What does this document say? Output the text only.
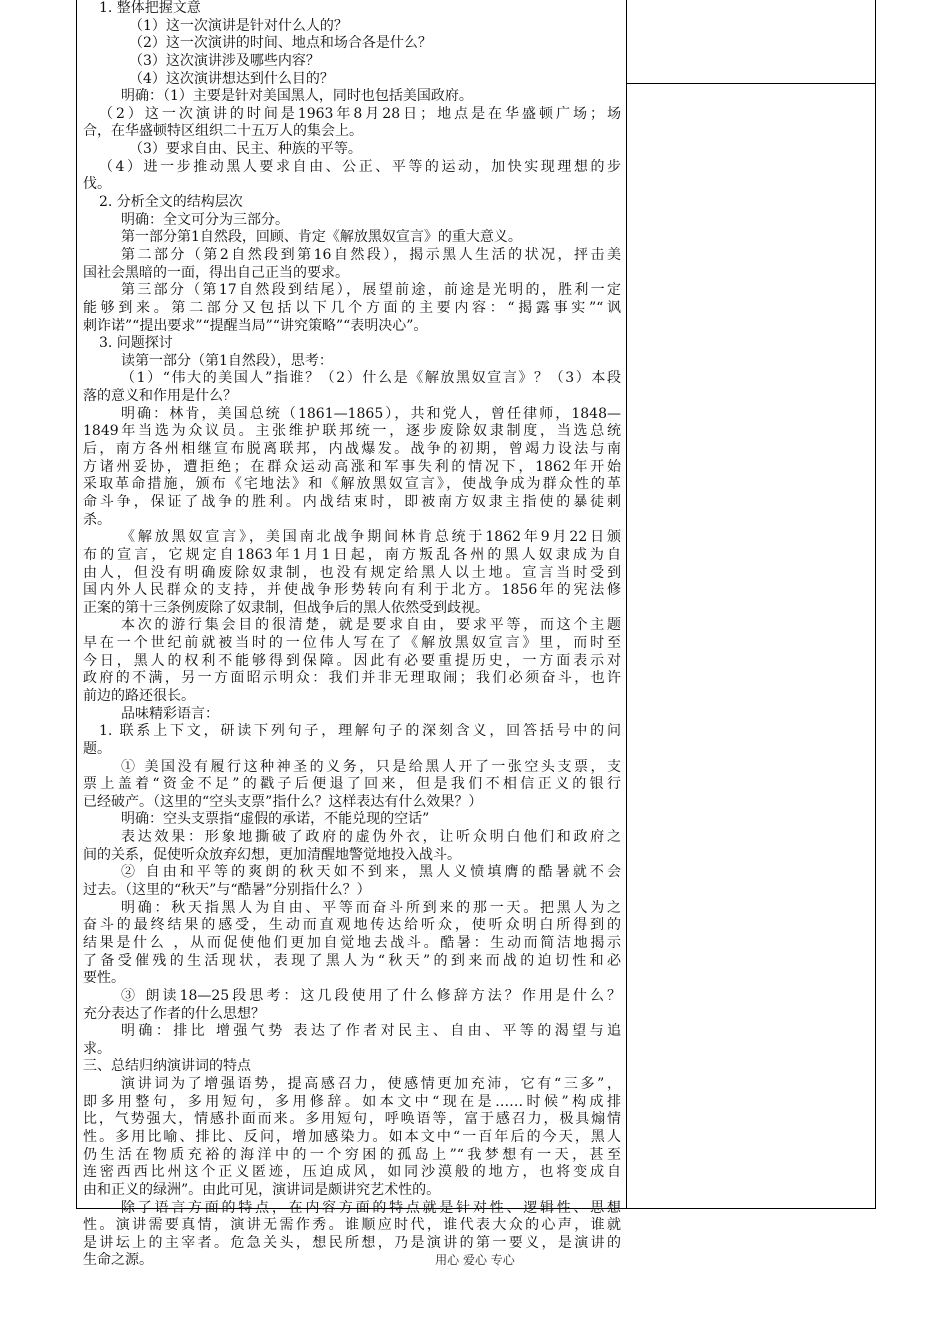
1. 整体把握文意
（1）这一次演讲是针对什么人的？
（2）这一次演讲的时间、地点和场合各是什么？
（3）这次演讲涉及哪些内容？
（4）这次演讲想达到什么目的？
明确：（1）主要是针对美国黑人，同时也包括美国政府。
（2）这一次演讲的时间是1963年8月28日；地点是在华盛顿广场；场
合，在华盛顿特区组织二十五万人的集会上。
（3）要求自由、民主、种族的平等。
（4）进一步推动黑人要求自由、公正、平等的运动，加快实现理想的步
伐。
2. 分析全文的结构层次
明确：全文可分为三部分。
第一部分第1自然段，回顾、肯定《解放黑奴宣言》的重大意义。
第二部分（第2自然段到第16自然段），揭示黑人生活的状况，抨击美
国社会黑暗的一面，得出自己正当的要求。
第三部分（第17自然段到结尾），展望前途，前途是光明的，胜利一定
能够到来。第二部分又包括以下几个方面的主要内容：“揭露事实”“讽
刺诈诺”“提出要求”“提醒当局”“讲究策略”“表明决心”。
3. 问题探讨
读第一部分（第1自然段），思考：
（1）“伟大的美国人”指谁？（2）什么是《解放黑奴宣言》？（3）本段
落的意义和作用是什么？
明确：林肯，美国总统（1861—1865），共和党人，曾任律师，1848—
1849年当选为众议员。主张维护联邦统一，逐步废除奴隶制度，当选总统
后，南方各州相继宣布脱离联邦，内战爆发。战争的初期，曾竭力设法与南
方诸州妥协，遭拒绝；在群众运动高涨和军事失利的情况下，1862年开始
采取革命措施，颁布《宅地法》和《解放黑奴宣言》，使战争成为群众性的革
命斗争，保证了战争的胜利。内战结束时，即被南方奴隶主指使的暴徒刺
杀。
《解放黑奴宣言》，美国南北战争期间林肯总统于1862年9月22日颁
布的宣言，它规定自1863年1月1日起，南方叛乱各州的黑人奴隶成为自
由人，但没有明确废除奴隶制，也没有规定给黑人以土地。宣言当时受到
国内外人民群众的支持，并使战争形势转向有利于北方。1856年的宪法修
正案的第十三条例废除了奴隶制，但战争后的黑人依然受到歧视。
本次的游行集会目的很清楚，就是要求自由，要求平等，而这个主题
早在一个世纪前就被当时的一位伟人写在了《解放黑奴宣言》里，而时至
今日，黑人的权利不能够得到保障。因此有必要重提历史，一方面表示对
政府的不满，另一方面昭示明众：我们并非无理取闹；我们必须奋斗，也许
前边的路还很长。
品味精彩语言：
1. 联系上下文，研读下列句子，理解句子的深刻含义，回答括号中的问
题。
① 美国没有履行这种神圣的义务，只是给黑人开了一张空头支票，支
票上盖着“资金不足”的戳子后便退了回来，但是我们不相信正义的银行
已经破产。（这里的“空头支票”指什么？这样表达有什么效果？）
明确：空头支票指“虚假的承诺，不能兑现的空话”
表达效果：形象地撕破了政府的虚伪外衣，让听众明白他们和政府之
间的关系，促使听众放弃幻想，更加清醒地警觉地投入战斗。
② 自由和平等的爽朗的秋天如不到来，黑人义愤填膺的酷暑就不会
过去。（这里的“秋天”与“酷暑”分别指什么？）
明确：秋天指黑人为自由、平等而奋斗所到来的那一天。把黑人为之
奋斗的最终结果的感受，生动而直观地传达给听众，使听众明白所得到的
结果是什么 ，从而促使他们更加自觉地去战斗。酷暑：生动而简洁地揭示
了备受催残的生活现状，表现了黑人为“秋天”的到来而战的迫切性和必
要性。
③ 朗读18—25段思考：这几段使用了什么修辞方法？作用是什么？
充分表达了作者的什么思想？
明确：排比 增强气势 表达了作者对民主、自由、平等的渴望与追
求。
三、总结归纳演讲词的特点
演讲词为了增强语势，提高感召力，使感情更加充沛，它有“三多”，
即多用整句，多用短句，多用修辞。如本文中“现在是……时候”构成排
比，气势强大，情感扑面而来。多用短句，呼唤语等，富于感召力，极具煽情
性。多用比喻、排比、反问，增加感染力。如本文中“一百年后的今天，黑人
仍生活在物质充裕的海洋中的一个穷困的孤岛上”“我梦想有一天，甚至
连密西西比州这个正义匿迹，压迫成风，如同沙漠般的地方，也将变成自
由和正义的绿洲”。由此可见，演讲词是颇讲究艺术性的。
除了语言方面的特点，在内容方面的特点就是针对性、逻辑性、思想
性。演讲需要真情，演讲无需作秀。谁顺应时代，谁代表大众的心声，谁就
是讲坛上的主宰者。危急关头，想民所想，乃是演讲的第一要义，是演讲的
生命之源。	用心 爱心 专心
